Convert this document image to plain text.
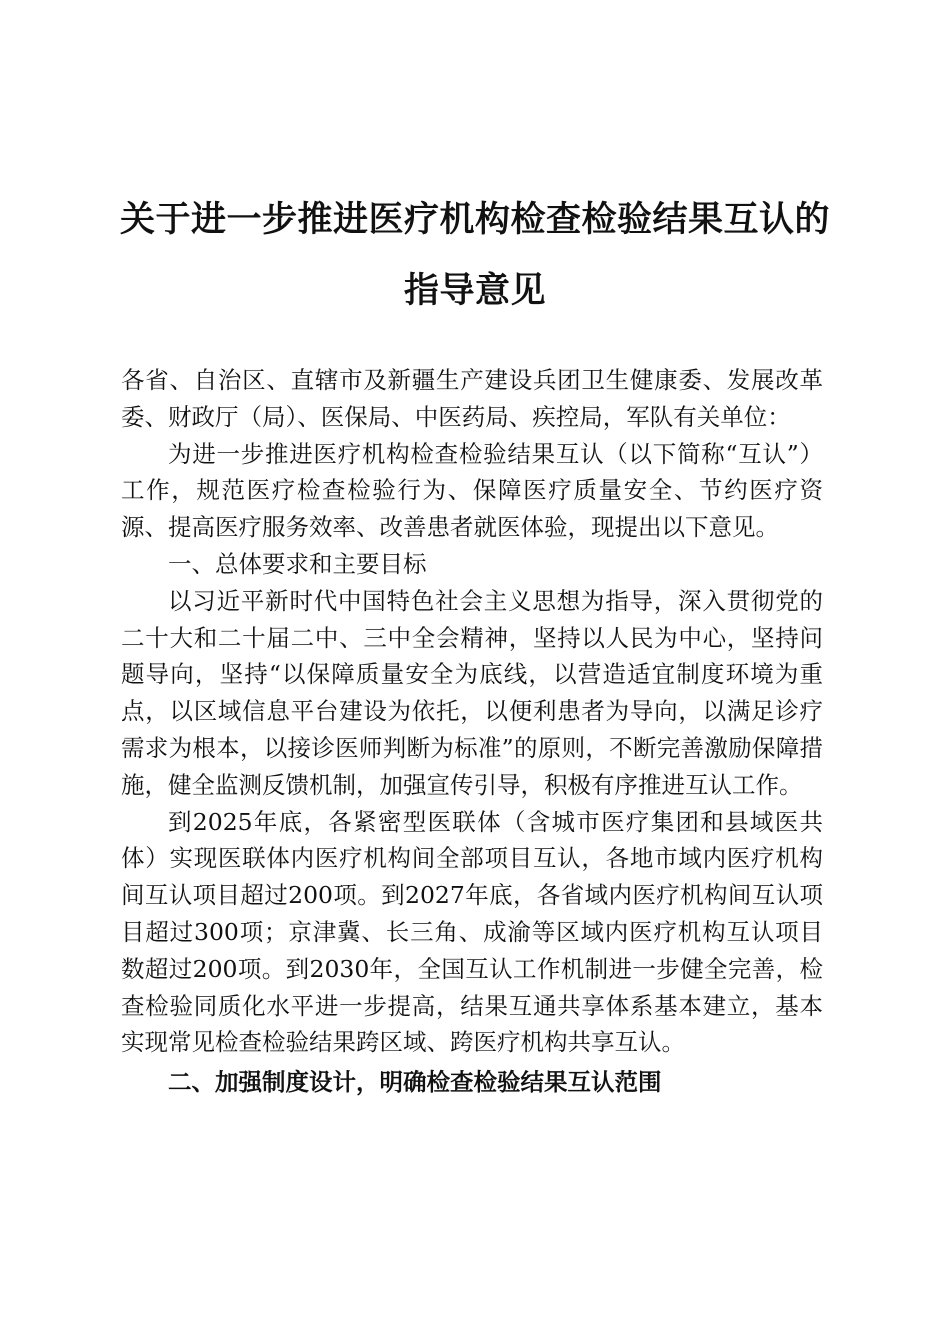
关于进一步推进医疗机构检查检验结果互认的
指导意见

各省、自治区、直辖市及新疆生产建设兵团卫生健康委、发展改革委、财政厅（局）、医保局、中医药局、疾控局，军队有关单位：

为进一步推进医疗机构检查检验结果互认（以下简称“互认”）工作，规范医疗检查检验行为、保障医疗质量安全、节约医疗资源、提高医疗服务效率、改善患者就医体验，现提出以下意见。

一、总体要求和主要目标

以习近平新时代中国特色社会主义思想为指导，深入贯彻党的二十大和二十届二中、三中全会精神，坚持以人民为中心，坚持问题导向，坚持“以保障质量安全为底线，以营造适宜制度环境为重点，以区域信息平台建设为依托，以便利患者为导向，以满足诊疗需求为根本，以接诊医师判断为标准”的原则，不断完善激励保障措施，健全监测反馈机制，加强宣传引导，积极有序推进互认工作。

到2025年底，各紧密型医联体（含城市医疗集团和县域医共体）实现医联体内医疗机构间全部项目互认，各地市域内医疗机构间互认项目超过200项。到2027年底，各省域内医疗机构间互认项目超过300项；京津冀、长三角、成渝等区域内医疗机构互认项目数超过200项。到2030年，全国互认工作机制进一步健全完善，检查检验同质化水平进一步提高，结果互通共享体系基本建立，基本实现常见检查检验结果跨区域、跨医疗机构共享互认。

二、加强制度设计，明确检查检验结果互认范围
